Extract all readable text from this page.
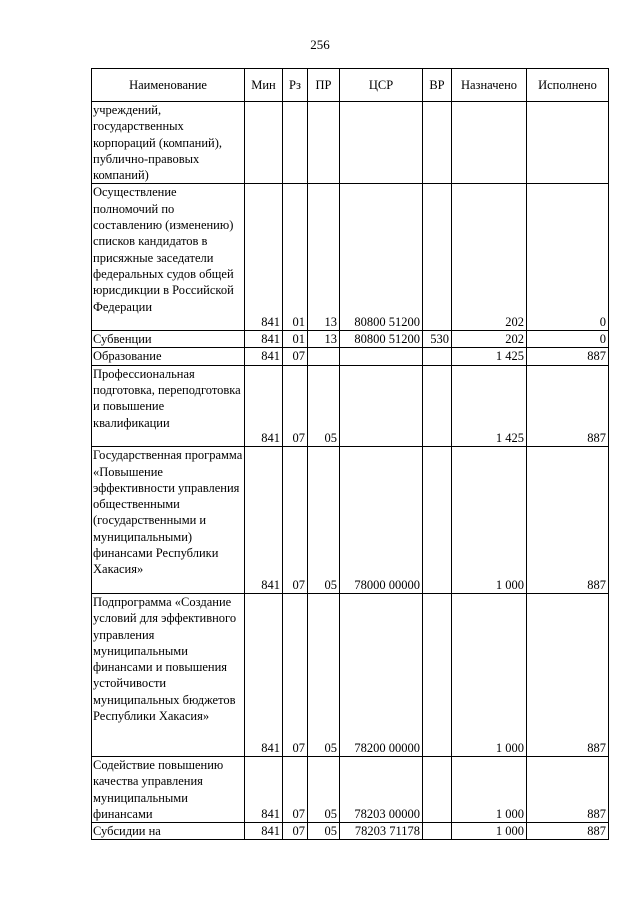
256
Наименование	Мин	Рз	ПР	ЦСР	ВР	Назначено	Исполнено
учреждений, государственных корпораций (компаний), публично-правовых компаний)							
Осуществление полномочий по составлению (изменению) списков кандидатов в присяжные заседатели федеральных судов общей юрисдикции в Российской Федерации	841	01	13	80800 51200		202	0
Субвенции	841	01	13	80800 51200	530	202	0
Образование	841	07				1 425	887
Профессиональная подготовка, переподготовка и повышение квалификации	841	07	05			1 425	887
Государственная программа «Повышение эффективности управления общественными (государственными и муниципальными) финансами Республики Хакасия»	841	07	05	78000 00000		1 000	887
Подпрограмма «Создание условий для эффективного управления муниципальными финансами и повышения устойчивости муниципальных бюджетов Республики Хакасия»	841	07	05	78200 00000		1 000	887
Содействие повышению качества управления муниципальными финансами	841	07	05	78203 00000		1 000	887
Субсидии на	841	07	05	78203 71178		1 000	887
